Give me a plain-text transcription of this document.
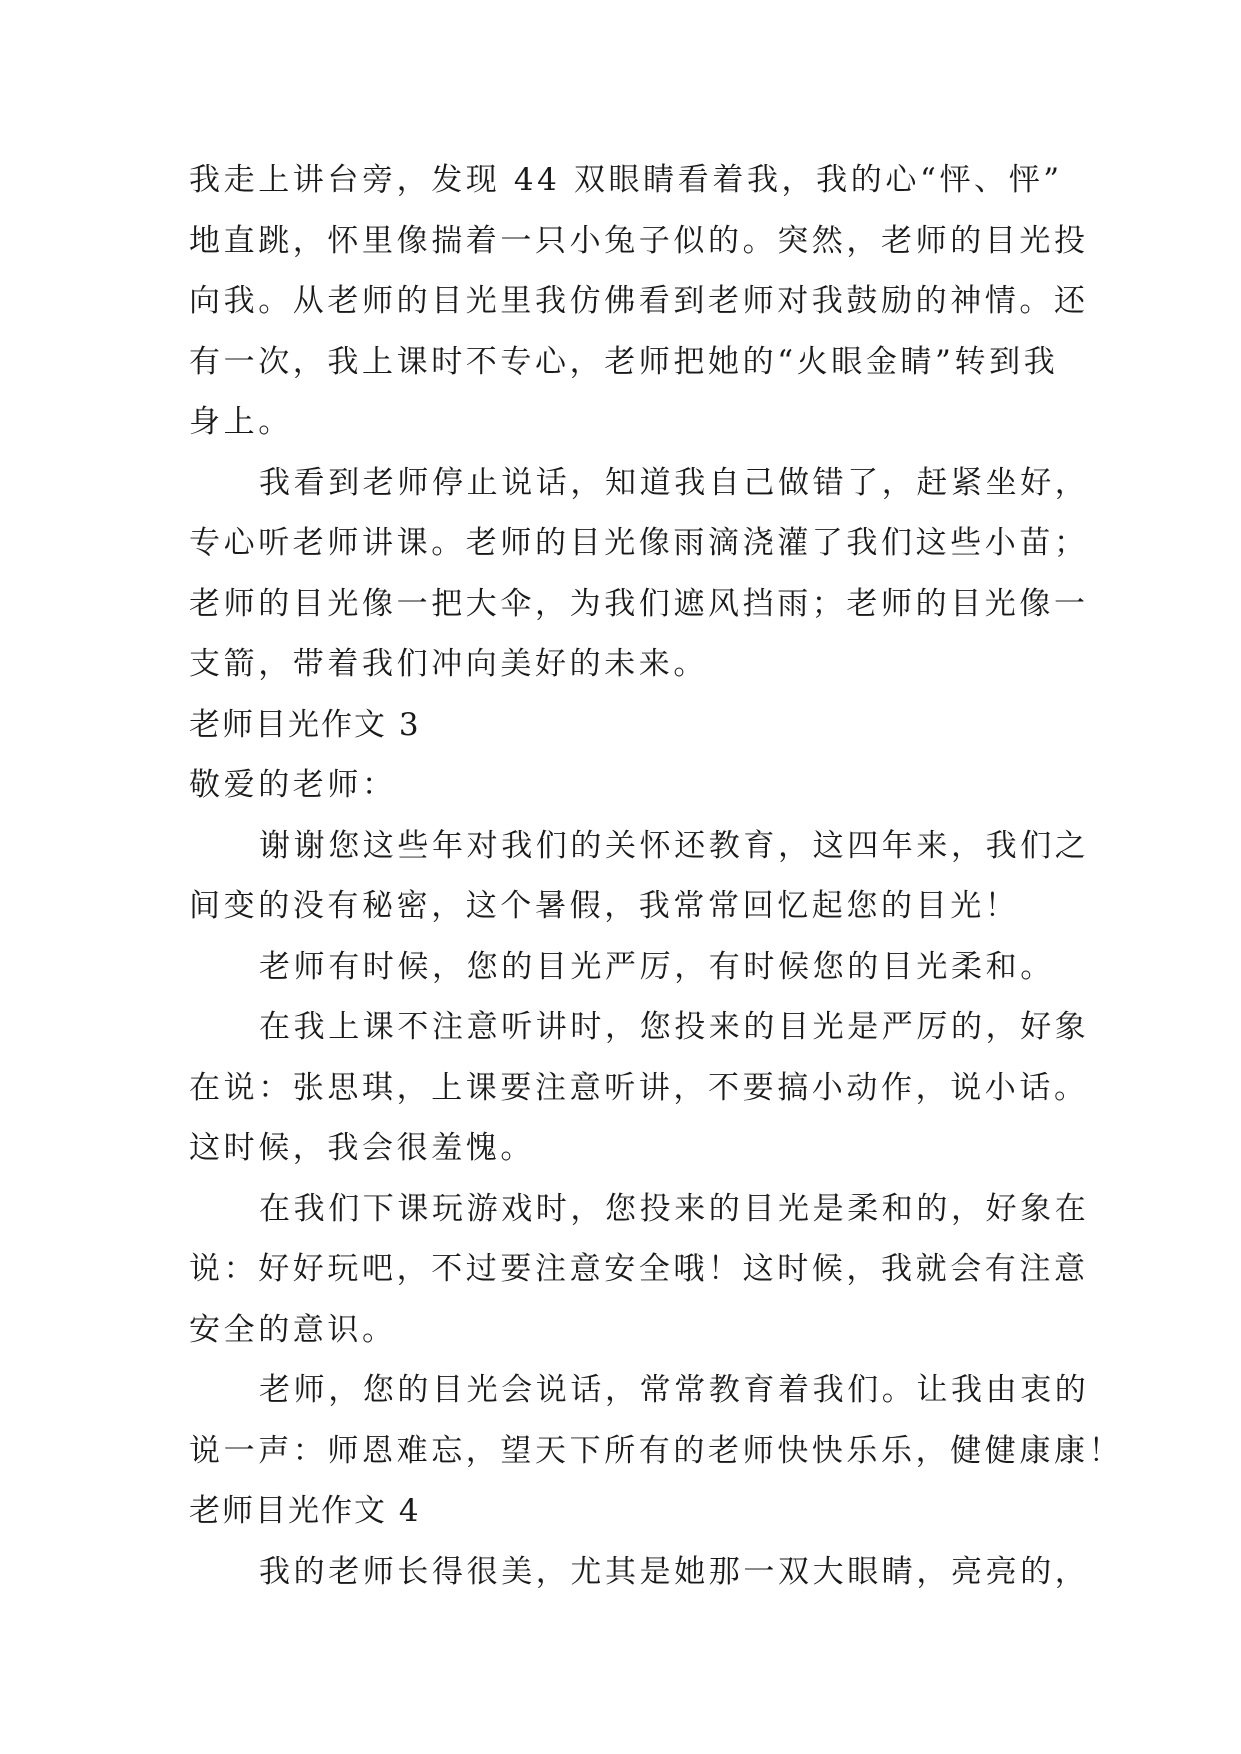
我走上讲台旁，发现 44 双眼睛看着我，我的心“怦、怦”

地直跳，怀里像揣着一只小兔子似的。突然，老师的目光投

向我。从老师的目光里我仿佛看到老师对我鼓励的神情。还

有一次，我上课时不专心，老师把她的“火眼金睛”转到我

身上。

我看到老师停止说话，知道我自己做错了，赶紧坐好，

专心听老师讲课。老师的目光像雨滴浇灌了我们这些小苗；

老师的目光像一把大伞，为我们遮风挡雨；老师的目光像一

支箭，带着我们冲向美好的未来。

老师目光作文 3

敬爱的老师：

谢谢您这些年对我们的关怀还教育，这四年来，我们之

间变的没有秘密，这个暑假，我常常回忆起您的目光！

老师有时候，您的目光严厉，有时候您的目光柔和。

在我上课不注意听讲时，您投来的目光是严厉的，好象

在说：张思琪，上课要注意听讲，不要搞小动作，说小话。

这时候，我会很羞愧。

在我们下课玩游戏时，您投来的目光是柔和的，好象在

说：好好玩吧，不过要注意安全哦！这时候，我就会有注意

安全的意识。

老师，您的目光会说话，常常教育着我们。让我由衷的

说一声：师恩难忘，望天下所有的老师快快乐乐，健健康康！

老师目光作文 4

我的老师长得很美，尤其是她那一双大眼睛，亮亮的，
